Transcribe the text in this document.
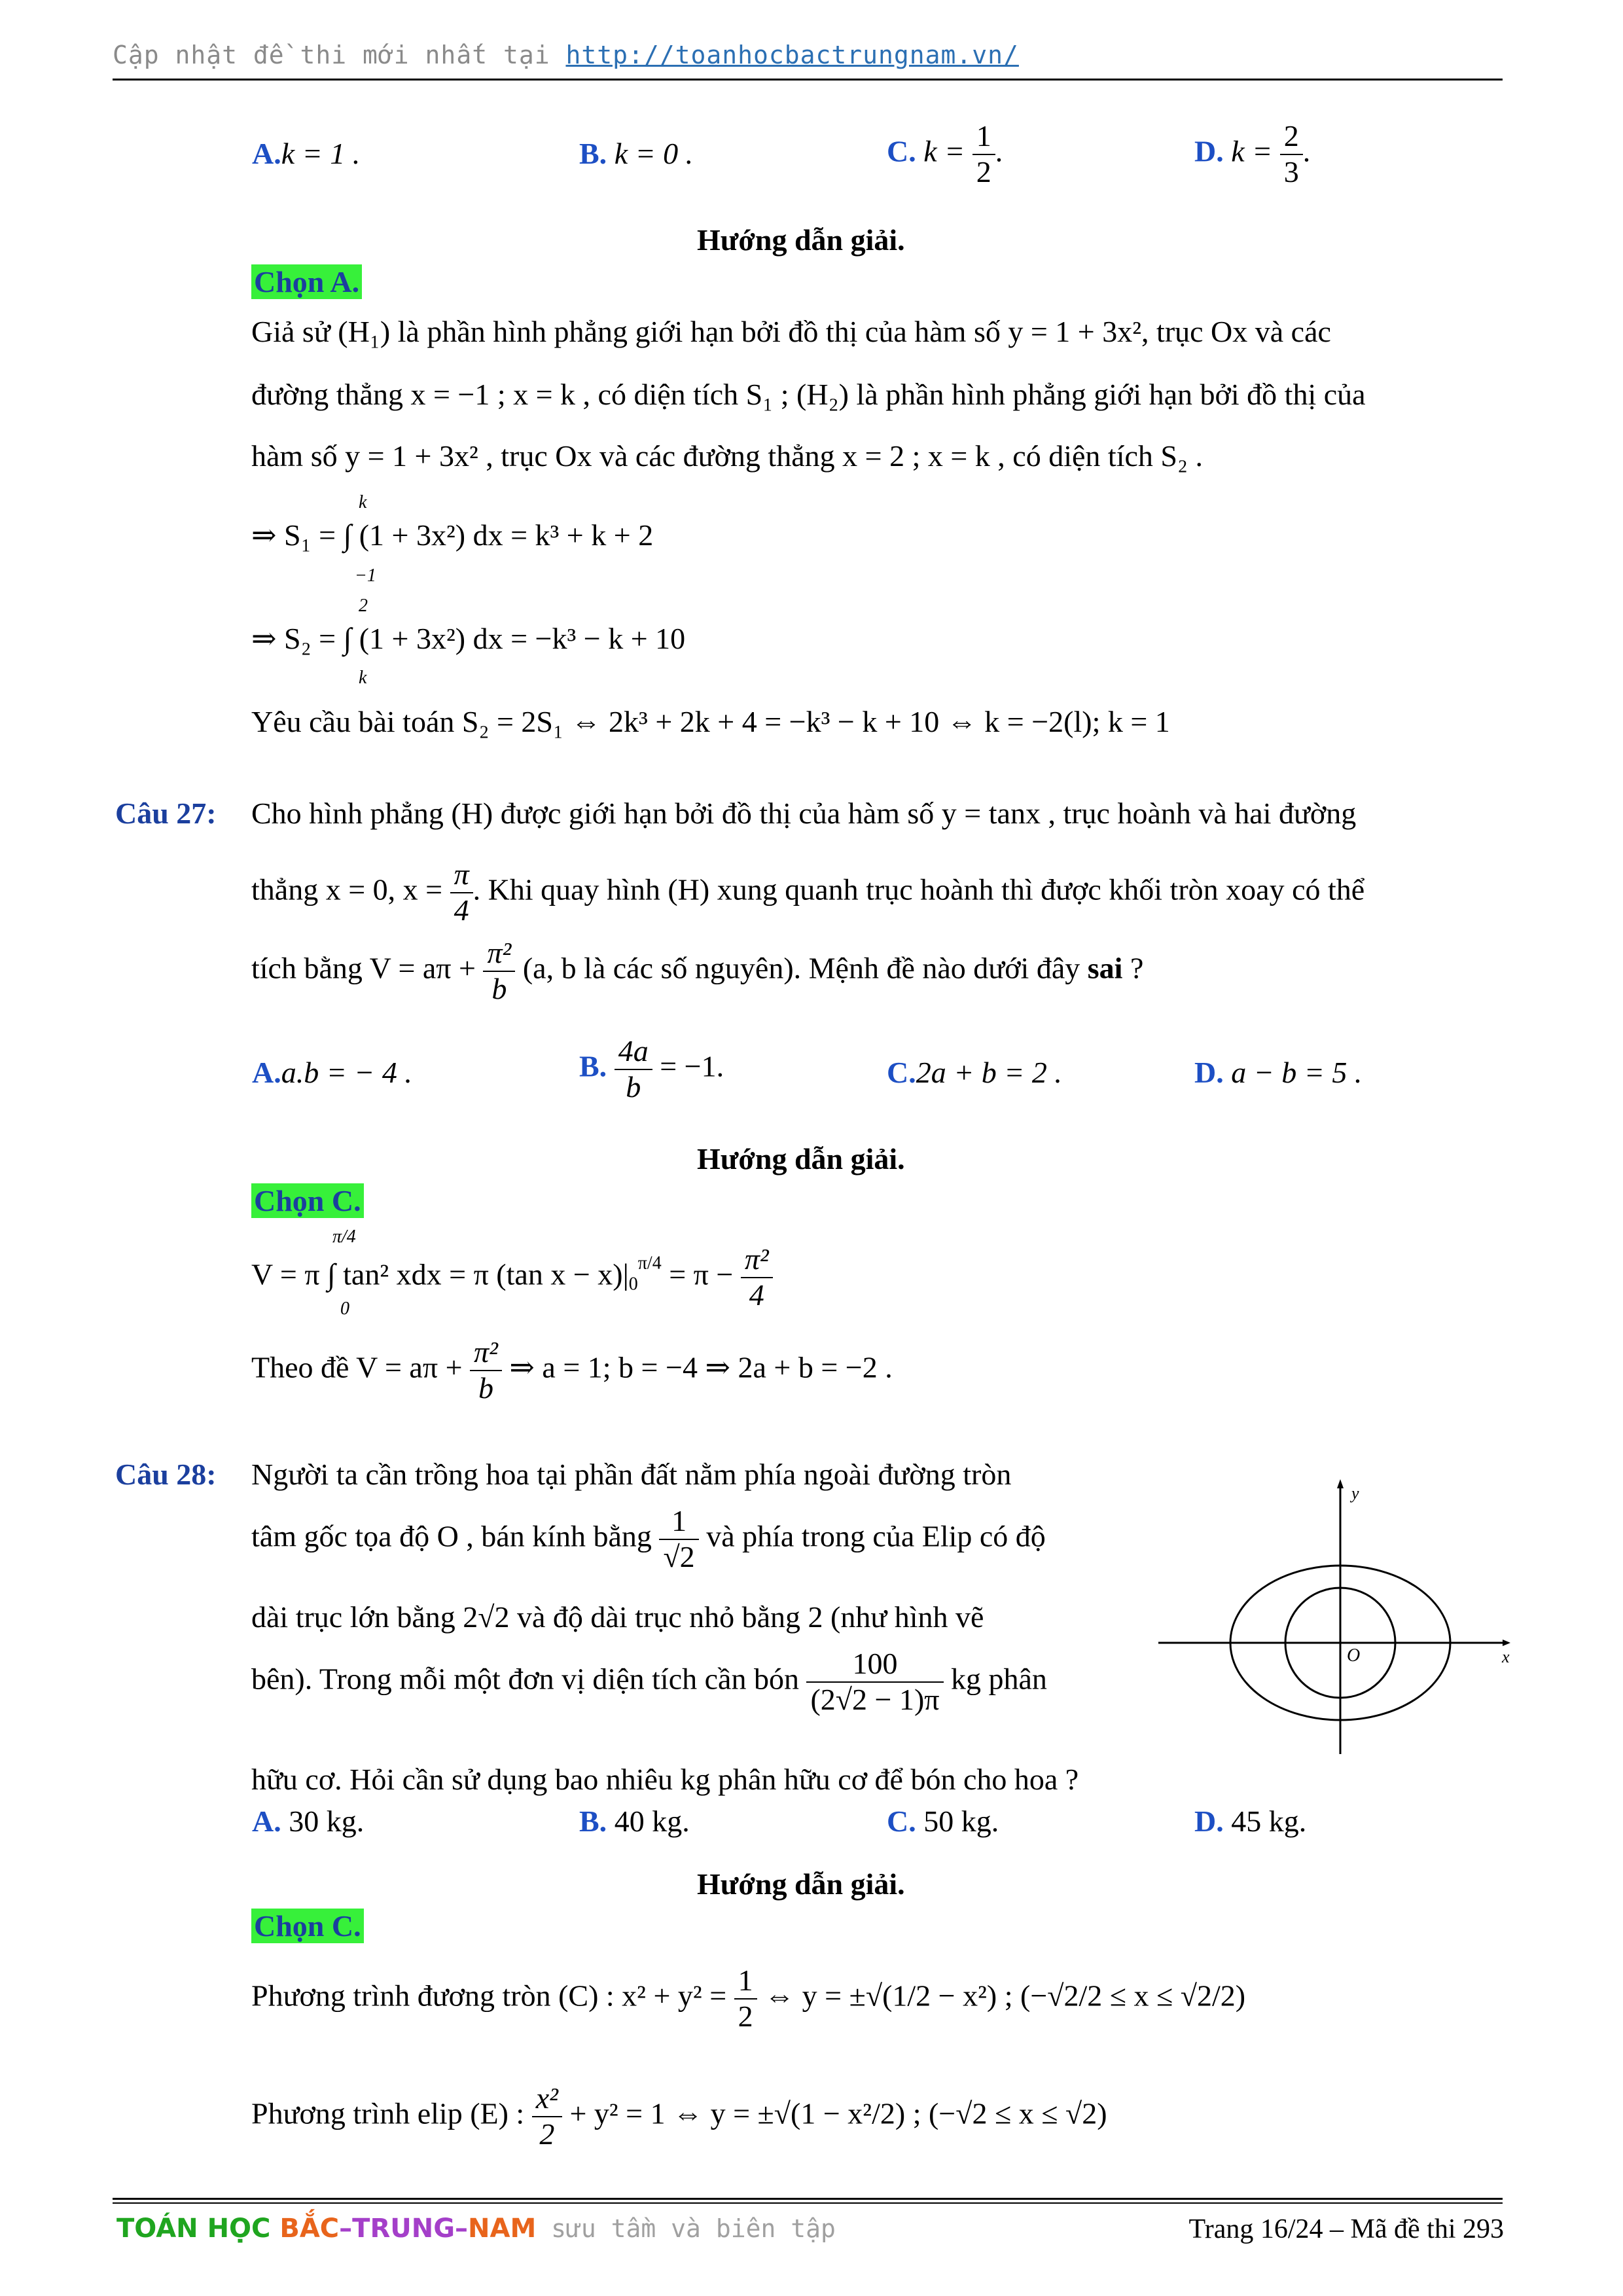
Cập nhật đề thi mới nhất tại http://toanhocbactrungnam.vn/
A.k = 1 .	B. k = 0 .	C. $k = \frac{1}{2}$ .	D. $k = \frac{2}{3}$ .
Hướng dẫn giải.
Chọn A.
Giả sử (H₁) là phần hình phẳng giới hạn bởi đồ thị của hàm số y = 1 + 3x², trục Ox và các
đường thẳng x = −1 ; x = k , có diện tích S₁ ; (H₂) là phần hình phẳng giới hạn bởi đồ thị của
hàm số y = 1 + 3x² , trục Ox và các đường thẳng x = 2 ; x = k , có diện tích S₂ .
k
⇒ S₁ = ∫ (1 + 3x²) dx = k³ + k + 2
−1
2
⇒ S₂ = ∫ (1 + 3x²) dx = −k³ − k + 10
k
Yêu cầu bài toán S₂ = 2S₁ ⇔ 2k³ + 2k + 4 = −k³ − k + 10 ⇔ k = −2(l); k = 1
Câu 27: Cho hình phẳng (H) được giới hạn bởi đồ thị của hàm số y = tanx , trục hoành và hai đường
thẳng x = 0, $x = \frac{\pi}{4}$ . Khi quay hình (H) xung quanh trục hoành thì được khối tròn xoay có thể
tích bằng $V = a\pi + \frac{\text{π²}}{b} (a$, b là các số nguyên). Mệnh đề nào dưới đây sai ?
A.a.b = − 4 .	B. $\frac{4a}{b} = -1$.	C.2a + b = 2 .	D. a − b = 5 .
Hướng dẫn giải.
Chọn C.
π/4
V = π ∫ tan² xdx = π (tan $x - x)|0^{\pi/4} = \pi - \frac{\text{π²}}{4}$
0
Theo đề $V = a\pi + \frac{\text{π²}}{b}$ ⇒ a = 1; b = −4 ⇒ 2a + b = −2 .
Câu 28: Người ta cần trồng hoa tại phần đất nằm phía ngoài đường tròn
tâm gốc tọa độ O , bán kính bằng $\frac{1}{√2}$ và phía trong của Elip có độ
dài trục lớn bằng 2√2 và độ dài trục nhỏ bằng 2 (như hình vẽ
bên). Trong mỗi một đơn vị diện tích cần bón $\frac{100}{(2√2 - 1)\pi}$ kg phân
hữu cơ. Hỏi cần sử dụng bao nhiêu kg phân hữu cơ để bón cho hoa ?
A. 30 kg.	B. 40 kg.	C. 50 kg.	D. 45 kg.
y
x
O
Hướng dẫn giải.
Chọn C.
Phương trình đương tròn (C) : $x^2 + y^2 = \frac{1}{2}$ ⇔ y = ±√(1/2 − x²) ; (−√2/2 ≤ x ≤ √2/2)
Phương trình elip (E) : $\frac{\text{x²}}{2} + y^2 = 1$ ⇔ y = ±√(1 − x²/2) ; (−√2 ≤ x ≤ √2)
TOÁN HỌC BẮC–TRUNG–NAM sưu tầm và biên tập	Trang 16/24 – Mã đề thi 293
